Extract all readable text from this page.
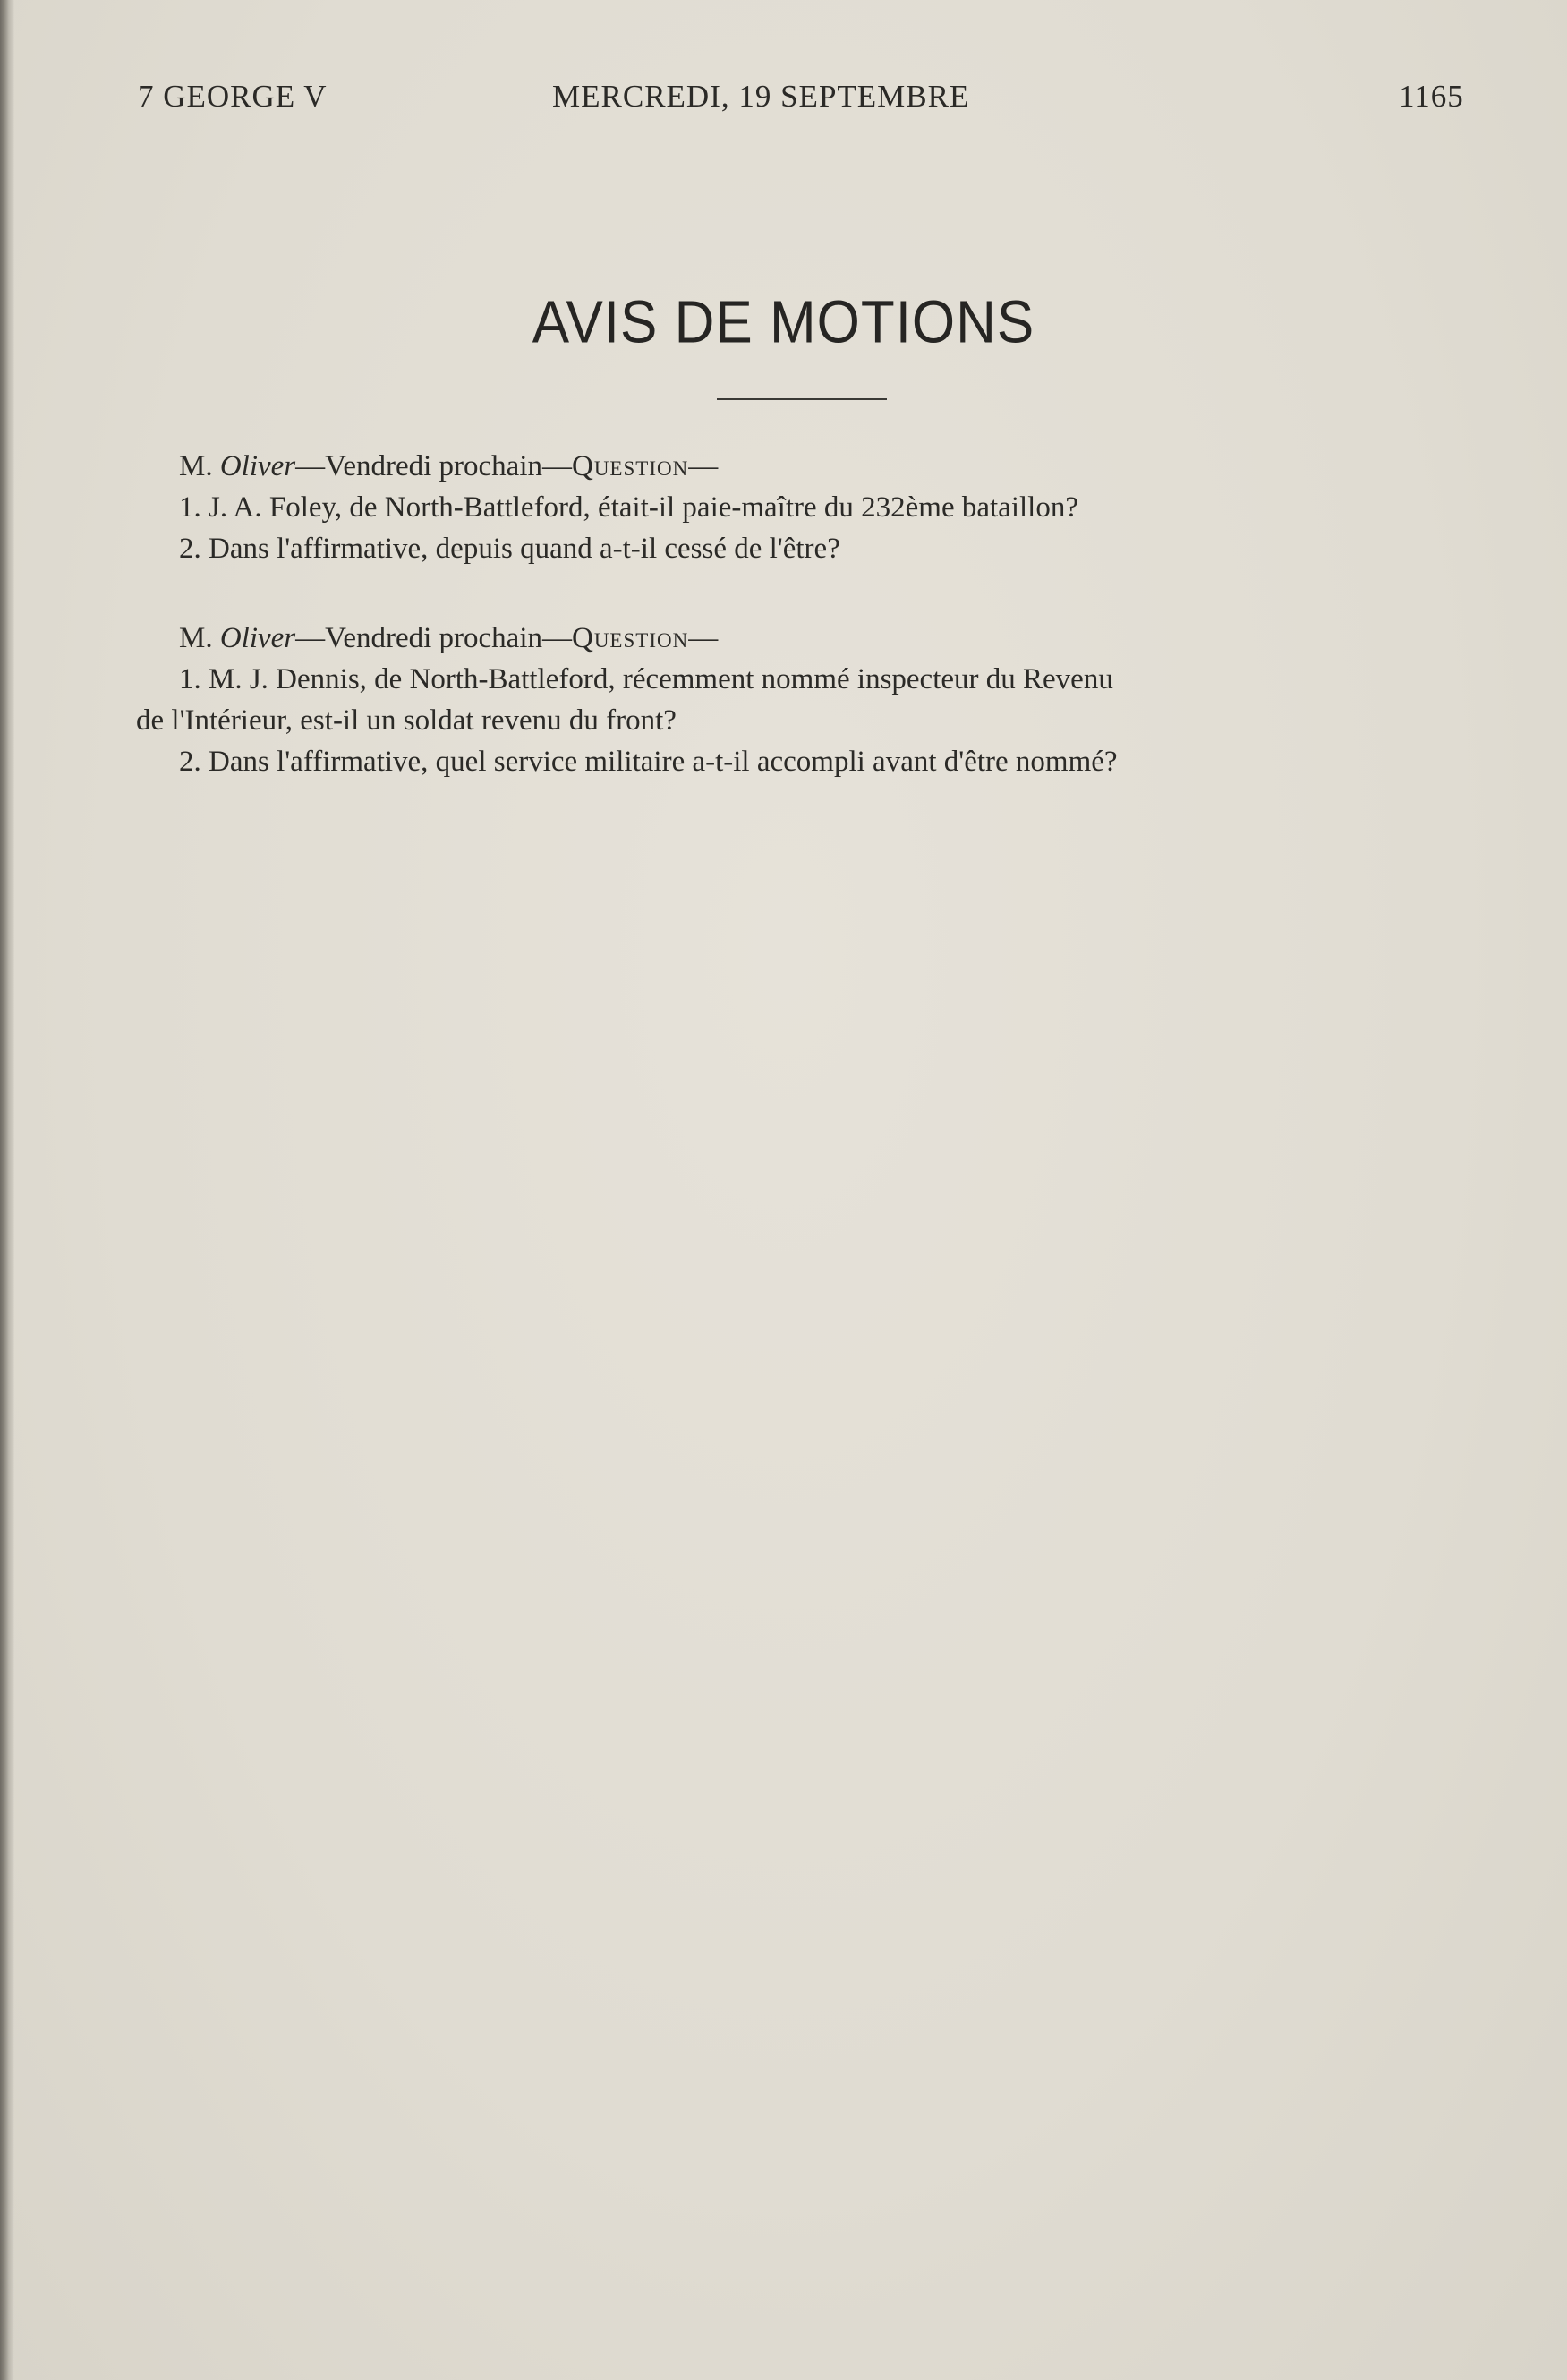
7 GEORGE V	MERCREDI, 19 SEPTEMBRE	1165
AVIS DE MOTIONS
M. Oliver—Vendredi prochain—Question—
1. J. A. Foley, de North-Battleford, était-il paie-maître du 232ème bataillon?
2. Dans l'affirmative, depuis quand a-t-il cessé de l'être?
M. Oliver—Vendredi prochain—Question—
1. M. J. Dennis, de North-Battleford, récemment nommé inspecteur du Revenu
de l'Intérieur, est-il un soldat revenu du front?
2. Dans l'affirmative, quel service militaire a-t-il accompli avant d'être nommé?
